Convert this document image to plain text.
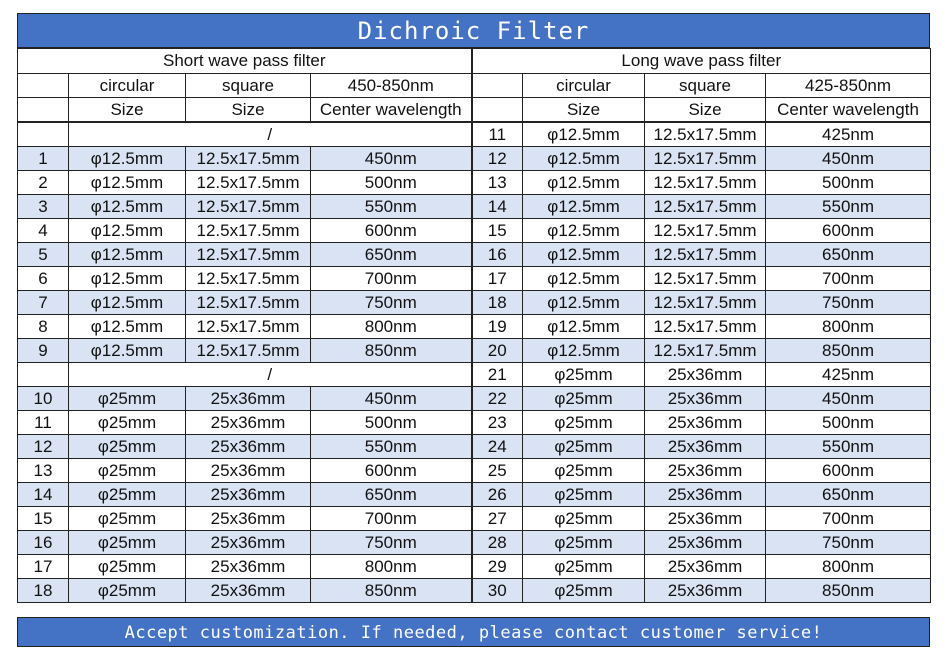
Dichroic Filter
Short wave pass filter				Long wave pass filter			
	circular	square	450-850nm		circular	square	425-850nm
	Size	Size	Center wavelength		Size	Size	Center wavelength
	/			11	φ12.5mm	12.5x17.5mm	425nm
1	φ12.5mm	12.5x17.5mm	450nm	12	φ12.5mm	12.5x17.5mm	450nm
2	φ12.5mm	12.5x17.5mm	500nm	13	φ12.5mm	12.5x17.5mm	500nm
3	φ12.5mm	12.5x17.5mm	550nm	14	φ12.5mm	12.5x17.5mm	550nm
4	φ12.5mm	12.5x17.5mm	600nm	15	φ12.5mm	12.5x17.5mm	600nm
5	φ12.5mm	12.5x17.5mm	650nm	16	φ12.5mm	12.5x17.5mm	650nm
6	φ12.5mm	12.5x17.5mm	700nm	17	φ12.5mm	12.5x17.5mm	700nm
7	φ12.5mm	12.5x17.5mm	750nm	18	φ12.5mm	12.5x17.5mm	750nm
8	φ12.5mm	12.5x17.5mm	800nm	19	φ12.5mm	12.5x17.5mm	800nm
9	φ12.5mm	12.5x17.5mm	850nm	20	φ12.5mm	12.5x17.5mm	850nm
	/			21	φ25mm	25x36mm	425nm
10	φ25mm	25x36mm	450nm	22	φ25mm	25x36mm	450nm
11	φ25mm	25x36mm	500nm	23	φ25mm	25x36mm	500nm
12	φ25mm	25x36mm	550nm	24	φ25mm	25x36mm	550nm
13	φ25mm	25x36mm	600nm	25	φ25mm	25x36mm	600nm
14	φ25mm	25x36mm	650nm	26	φ25mm	25x36mm	650nm
15	φ25mm	25x36mm	700nm	27	φ25mm	25x36mm	700nm
16	φ25mm	25x36mm	750nm	28	φ25mm	25x36mm	750nm
17	φ25mm	25x36mm	800nm	29	φ25mm	25x36mm	800nm
18	φ25mm	25x36mm	850nm	30	φ25mm	25x36mm	850nm
Accept customization. If needed, please contact customer service!
